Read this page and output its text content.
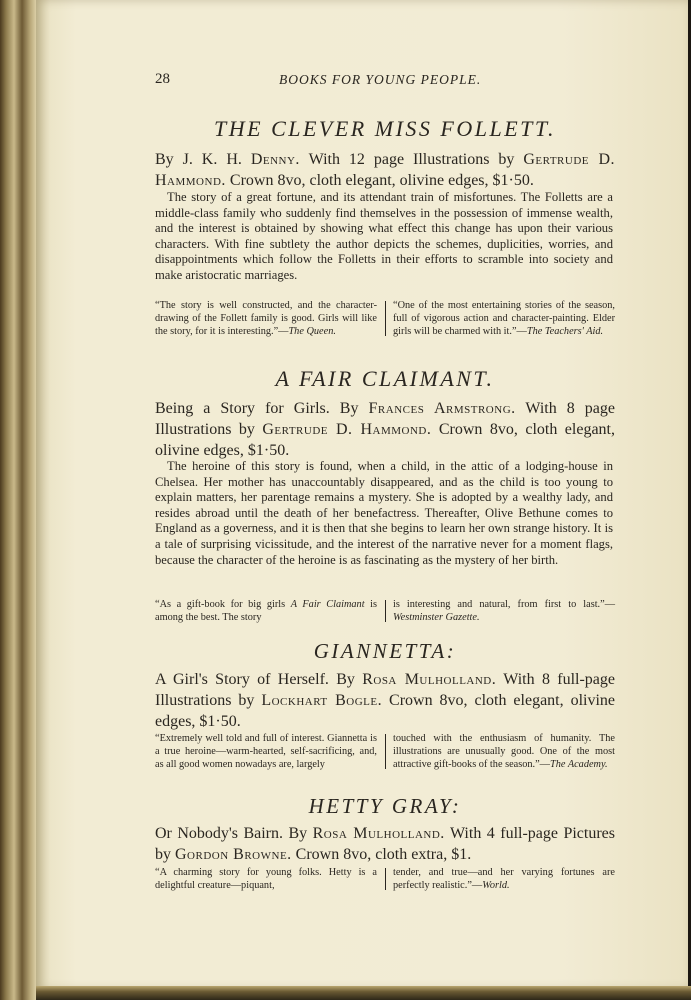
28	BOOKS FOR YOUNG PEOPLE.
THE CLEVER MISS FOLLETT.

By J. K. H. Denny. With 12 page Illustrations by Gertrude D. Hammond. Crown 8vo, cloth elegant, olivine edges, $1·50.

The story of a great fortune, and its attendant train of misfortunes. The Folletts are a middle-class family who suddenly find themselves in the possession of immense wealth, and the interest is obtained by showing what effect this change has upon their various characters. With fine subtlety the author depicts the schemes, duplicities, worries, and disappointments which follow the Folletts in their efforts to scramble into society and make aristocratic marriages.

“The story is well constructed, and the character-drawing of the Follett family is good. Girls will like the story, for it is interesting.”—The Queen.

“One of the most entertaining stories of the season, full of vigorous action and character-painting. Elder girls will be charmed with it.”—The Teachers' Aid.

A FAIR CLAIMANT.

Being a Story for Girls. By Frances Armstrong. With 8 page Illustrations by Gertrude D. Hammond. Crown 8vo, cloth elegant, olivine edges, $1·50.

The heroine of this story is found, when a child, in the attic of a lodging-house in Chelsea. Her mother has unaccountably disappeared, and as the child is too young to explain matters, her parentage remains a mystery. She is adopted by a wealthy lady, and resides abroad until the death of her benefactress. Thereafter, Olive Bethune comes to England as a governess, and it is then that she begins to learn her own strange history. It is a tale of surprising vicissitude, and the interest of the narrative never for a moment flags, because the character of the heroine is as fascinating as the mystery of her birth.

“As a gift-book for big girls A Fair Claimant is among the best. The story

is interesting and natural, from first to last.”—Westminster Gazette.

GIANNETTA:

A Girl's Story of Herself. By Rosa Mulholland. With 8 full-page Illustrations by Lockhart Bogle. Crown 8vo, cloth elegant, olivine edges, $1·50.

“Extremely well told and full of interest. Giannetta is a true heroine—warm-hearted, self-sacrificing, and, as all good women nowadays are, largely

touched with the enthusiasm of humanity. The illustrations are unusually good. One of the most attractive gift-books of the season.”—The Academy.

HETTY GRAY:

Or Nobody's Bairn. By Rosa Mulholland. With 4 full-page Pictures by Gordon Browne. Crown 8vo, cloth extra, $1.

“A charming story for young folks. Hetty is a delightful creature—piquant,

tender, and true—and her varying fortunes are perfectly realistic.”—World.
